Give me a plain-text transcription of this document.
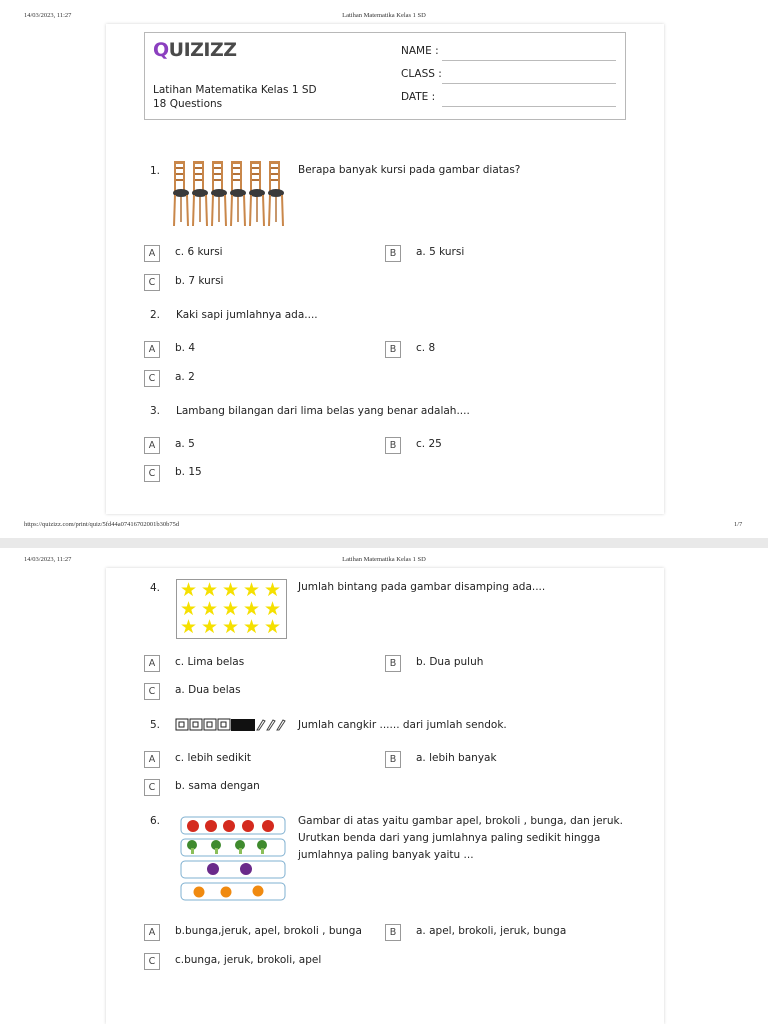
14/03/2023, 11:27	Latihan Matematika Kelas 1 SD
QUIZIZZ
Latihan Matematika Kelas 1 SD
18 Questions
NAME :
CLASS :
DATE :
1.	Berapa banyak kursi pada gambar diatas?
A	c. 6 kursi	B	a. 5 kursi
C	b. 7 kursi
2. Kaki sapi jumlahnya ada....
A	b. 4	B	c. 8
C	a. 2
3. Lambang bilangan dari lima belas yang benar adalah....
A	a. 5	B	c. 25
C	b. 15
https://quizizz.com/print/quiz/5fd44a07416702001b30b75d	1/7
14/03/2023, 11:27	Latihan Matematika Kelas 1 SD
4. ★ ★ ★ ★ ★
★ ★ ★ ★ ★
★ ★ ★ ★ ★
Jumlah bintang pada gambar disamping ada....
A	c. Lima belas	B	b. Dua puluh
C	a. Dua belas
5.	Jumlah cangkir ...... dari jumlah sendok.
A	c. lebih sedikit	B	a. lebih banyak
C	b. sama dengan
6.	Gambar di atas yaitu gambar apel, brokoli , bunga, dan jeruk.
Urutkan benda dari yang jumlahnya paling sedikit hingga
jumlahnya paling banyak yaitu ...
A	b.bunga,jeruk, apel, brokoli , bunga	B	a. apel, brokoli, jeruk, bunga
C	c.bunga, jeruk, brokoli, apel
